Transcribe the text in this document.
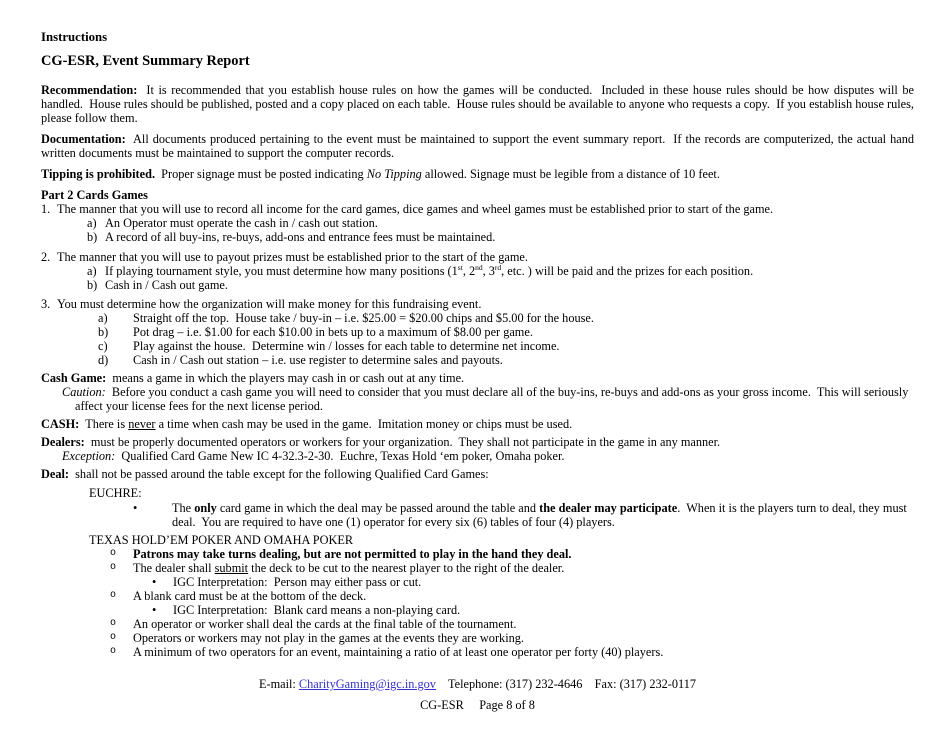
Instructions
CG-ESR, Event Summary Report
Recommendation:  It is recommended that you establish house rules on how the games will be conducted.  Included in these house rules should be how disputes will be handled.  House rules should be published, posted and a copy placed on each table.  House rules should be available to anyone who requests a copy.  If you establish house rules, please follow them.
Documentation:  All documents produced pertaining to the event must be maintained to support the event summary report.  If the records are computerized, the actual hand written documents must be maintained to support the computer records.
Tipping is prohibited.  Proper signage must be posted indicating No Tipping allowed. Signage must be legible from a distance of 10 feet.
Part 2 Cards Games
1. The manner that you will use to record all income for the card games, dice games and wheel games must be established prior to start of the game.
a) An Operator must operate the cash in / cash out station.
b) A record of all buy-ins, re-buys, add-ons and entrance fees must be maintained.
2. The manner that you will use to payout prizes must be established prior to the start of the game.
a) If playing tournament style, you must determine how many positions (1st, 2nd, 3rd, etc. ) will be paid and the prizes for each position.
b) Cash in / Cash out game.
3. You must determine how the organization will make money for this fundraising event.
a)	Straight off the top.  House take / buy-in – i.e. $25.00 = $20.00 chips and $5.00 for the house.
b)	Pot drag – i.e. $1.00 for each $10.00 in bets up to a maximum of $8.00 per game.
c)	Play against the house.  Determine win / losses for each table to determine net income.
d)	Cash in / Cash out station – i.e. use register to determine sales and payouts.
Cash Game:  means a game in which the players may cash in or cash out at any time.
Caution:  Before you conduct a cash game you will need to consider that you must declare all of the buy-ins, re-buys and add-ons as your gross income.  This will seriously affect your license fees for the next license period.
CASH:  There is never a time when cash may be used in the game.  Imitation money or chips must be used.
Dealers:  must be properly documented operators or workers for your organization.  They shall not participate in the game in any manner.
Exception:  Qualified Card Game New IC 4-32.3-2-30.  Euchre, Texas Hold ‘em poker, Omaha poker.
Deal:  shall not be passed around the table except for the following Qualified Card Games:
EUCHRE:
•	The only card game in which the deal may be passed around the table and the dealer may participate.  When it is the players turn to deal, they must deal.  You are required to have one (1) operator for every six (6) tables of four (4) players.
TEXAS HOLD’EM POKER AND OMAHA POKER
o	Patrons may take turns dealing, but are not permitted to play in the hand they deal.
o	The dealer shall submit the deck to be cut to the nearest player to the right of the dealer.
•	IGC Interpretation:  Person may either pass or cut.
o	A blank card must be at the bottom of the deck.
•	IGC Interpretation:  Blank card means a non-playing card.
o	An operator or worker shall deal the cards at the final table of the tournament.
o	Operators or workers may not play in the games at the events they are working.
o	A minimum of two operators for an event, maintaining a ratio of at least one operator per forty (40) players.
E-mail: CharityGaming@igc.in.gov    Telephone: (317) 232-4646    Fax: (317) 232-0117
CG-ESR     Page 8 of 8
